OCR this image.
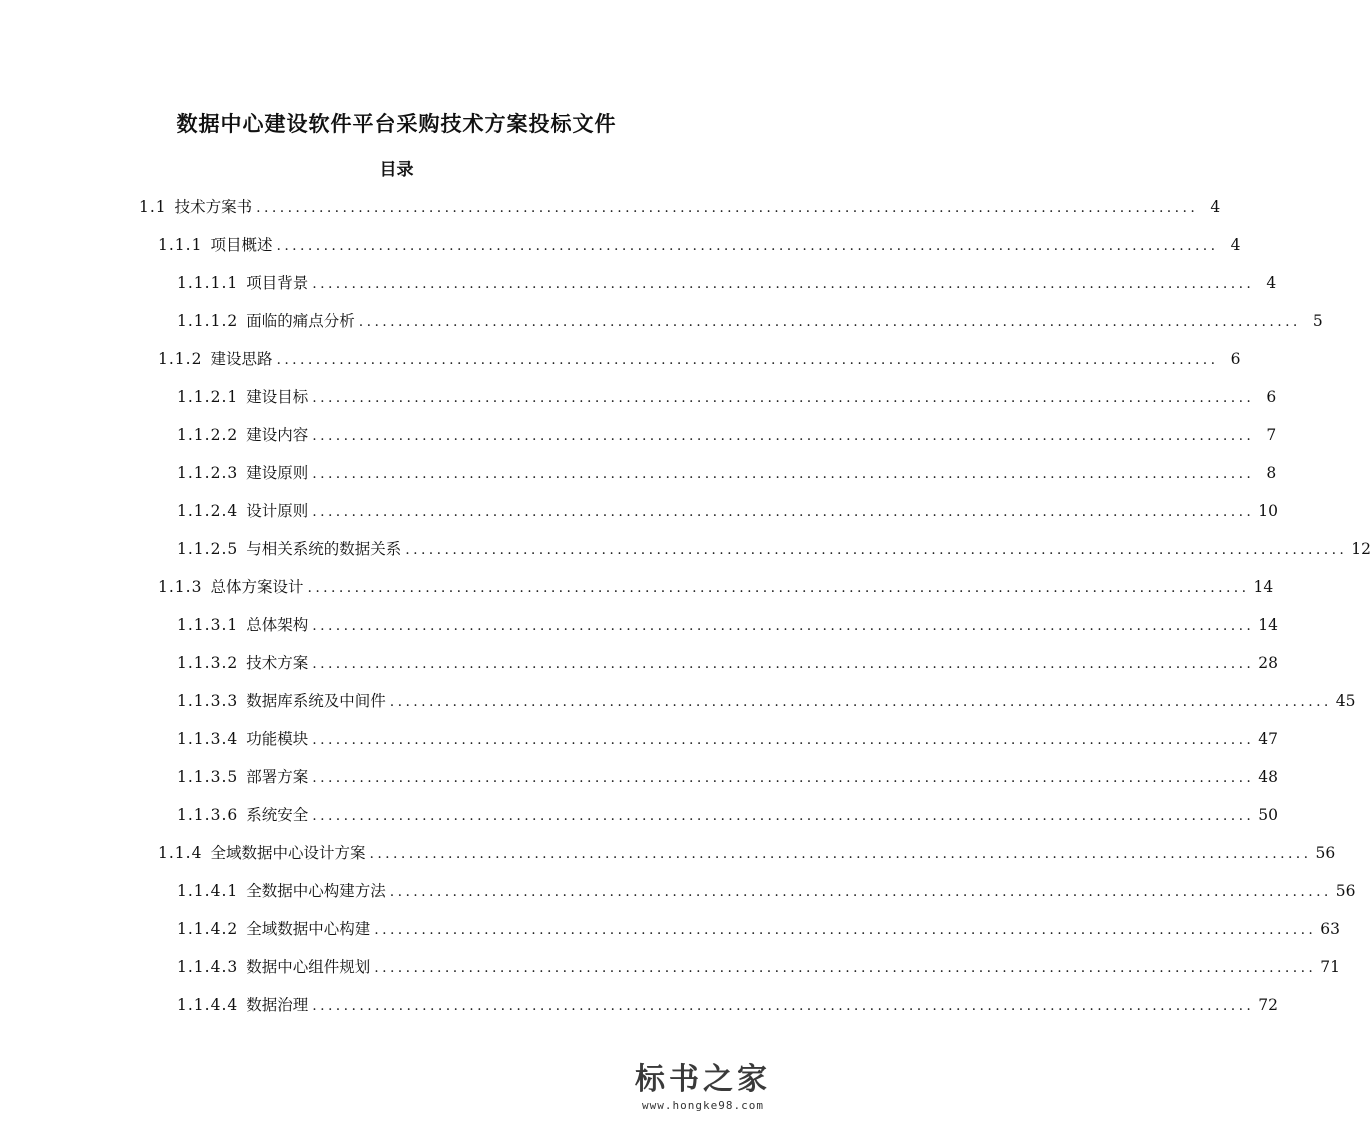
数据中心建设软件平台采购技术方案投标文件
目录
1.1 技术方案书 ........................................................................................................................ 4
1.1.1 项目概述 ........................................................................................................................ 4
1.1.1.1 项目背景 ........................................................................................................................ 4
1.1.1.2 面临的痛点分析 ........................................................................................................................ 5
1.1.2 建设思路 ........................................................................................................................ 6
1.1.2.1 建设目标 ........................................................................................................................ 6
1.1.2.2 建设内容 ........................................................................................................................ 7
1.1.2.3 建设原则 ........................................................................................................................ 8
1.1.2.4 设计原则 ........................................................................................................................ 10
1.1.2.5 与相关系统的数据关系 ........................................................................................................................ 12
1.1.3 总体方案设计 ........................................................................................................................ 14
1.1.3.1 总体架构 ........................................................................................................................ 14
1.1.3.2 技术方案 ........................................................................................................................ 28
1.1.3.3 数据库系统及中间件 ........................................................................................................................ 45
1.1.3.4 功能模块 ........................................................................................................................ 47
1.1.3.5 部署方案 ........................................................................................................................ 48
1.1.3.6 系统安全 ........................................................................................................................ 50
1.1.4 全域数据中心设计方案 ........................................................................................................................ 56
1.1.4.1 全数据中心构建方法 ........................................................................................................................ 56
1.1.4.2 全域数据中心构建 ........................................................................................................................ 63
1.1.4.3 数据中心组件规划 ........................................................................................................................ 71
1.1.4.4 数据治理 ........................................................................................................................ 72
标书之家
www.hongke98.com
